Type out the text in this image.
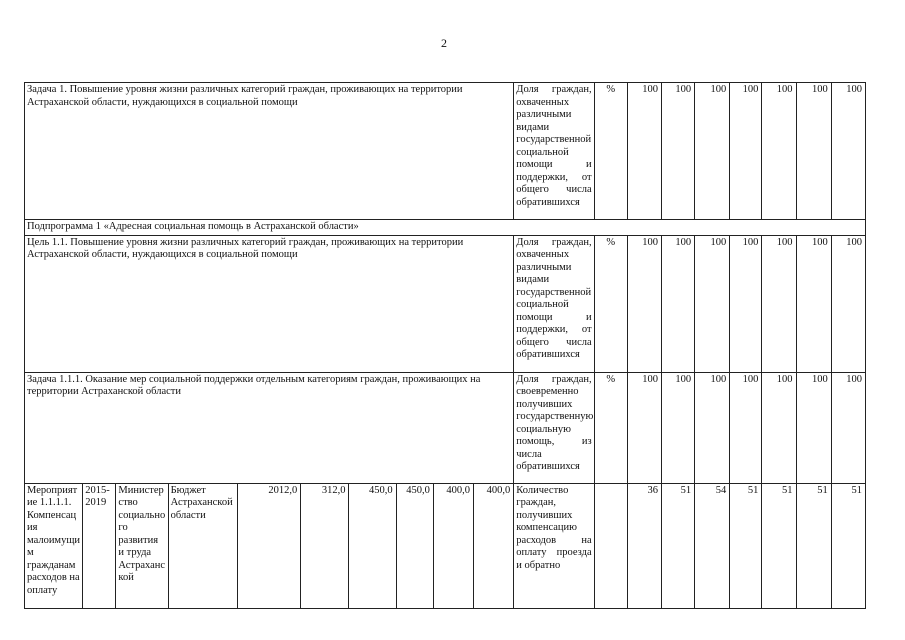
2
Задача 1. Повышение уровня жизни различных категорий граждан, проживающих на территории Астраханской области, нуждающихся в социальной помощи										Доля граждан, охваченных различными видами государственной социальной помощи и поддержки, от общего числа обратившихся	%	100	100	100	100	100	100	100
Подпрограмма 1 «Адресная социальная помощь в Астраханской области»																		
Цель 1.1. Повышение уровня жизни различных категорий граждан, проживающих на территории Астраханской области, нуждающихся в социальной помощи										Доля граждан, охваченных различными видами государственной социальной помощи и поддержки, от общего числа обратившихся	%	100	100	100	100	100	100	100
Задача 1.1.1. Оказание мер социальной поддержки отдельным категориям граждан, проживающих на территории Астраханской области										Доля граждан, своевременно получивших государственную социальную помощь, из числа обратившихся	%	100	100	100	100	100	100	100
Мероприятие 1.1.1.1. Компенсация малоимущим гражданам расходов на оплату	2015-2019	Министерство социального развития и труда Астраханской	Бюджет Астраханской области	2012,0	312,0	450,0	450,0	400,0	400,0	Количество граждан, получивших компенсацию расходов на оплату проезда и обратно		36	51	54	51	51	51	51
